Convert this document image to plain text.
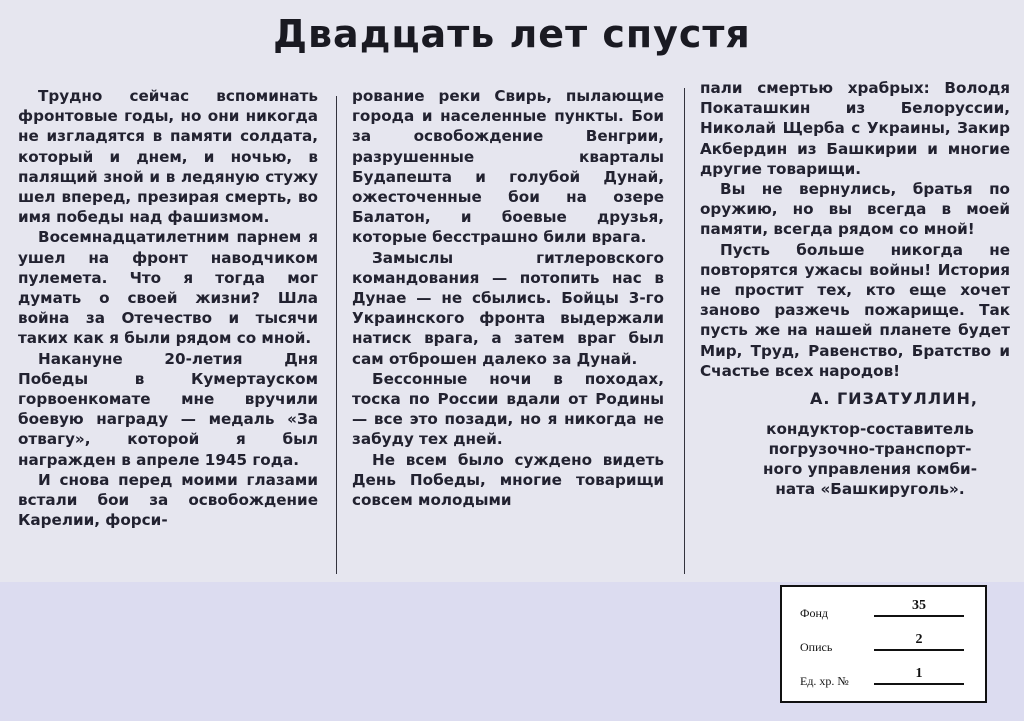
Двадцать лет спустя

Трудно сейчас вспоминать фронтовые годы, но они никогда не изгладятся в памяти солдата, который и днем, и ночью, в палящий зной и в ледяную стужу шел вперед, презирая смерть, во имя победы над фашизмом.

Восемнадцатилетним парнем я ушел на фронт наводчиком пулемета. Что я тогда мог думать о своей жизни? Шла война за Отечество и тысячи таких как я были рядом со мной.

Накануне 20-летия Дня Победы в Кумертауском горвоенкомате мне вручили боевую награду — медаль «За отвагу», которой я был награжден в апреле 1945 года.

И снова перед моими глазами встали бои за освобождение Карелии, форси-

рование реки Свирь, пылающие города и населенные пункты. Бои за освобождение Венгрии, разрушенные кварталы Будапешта и голубой Дунай, ожесточенные бои на озере Балатон, и боевые друзья, которые бесстрашно били врага.

Замыслы гитлеровского командования — потопить нас в Дунае — не сбылись. Бойцы 3-го Украинского фронта выдержали натиск врага, а затем враг был сам отброшен далеко за Дунай.

Бессонные ночи в походах, тоска по России вдали от Родины — все это позади, но я никогда не забуду тех дней.

Не всем было суждено видеть День Победы, многие товарищи совсем молодыми

пали смертью храбрых: Володя Покаташкин из Белоруссии, Николай Щерба с Украины, Закир Акбердин из Башкирии и многие другие товарищи.

Вы не вернулись, братья по оружию, но вы всегда в моей памяти, всегда рядом со мной!

Пусть больше никогда не повторятся ужасы войны! История не простит тех, кто еще хочет заново разжечь пожарище. Так пусть же на нашей планете будет Мир, Труд, Равенство, Братство и Счастье всех народов!

А. ГИЗАТУЛЛИН,
кондуктор-составитель
погрузочно-транспорт-
ного управления комби-
ната «Башкируголь».
Фонд	35
Опись	2
Ед. хр. №	1
